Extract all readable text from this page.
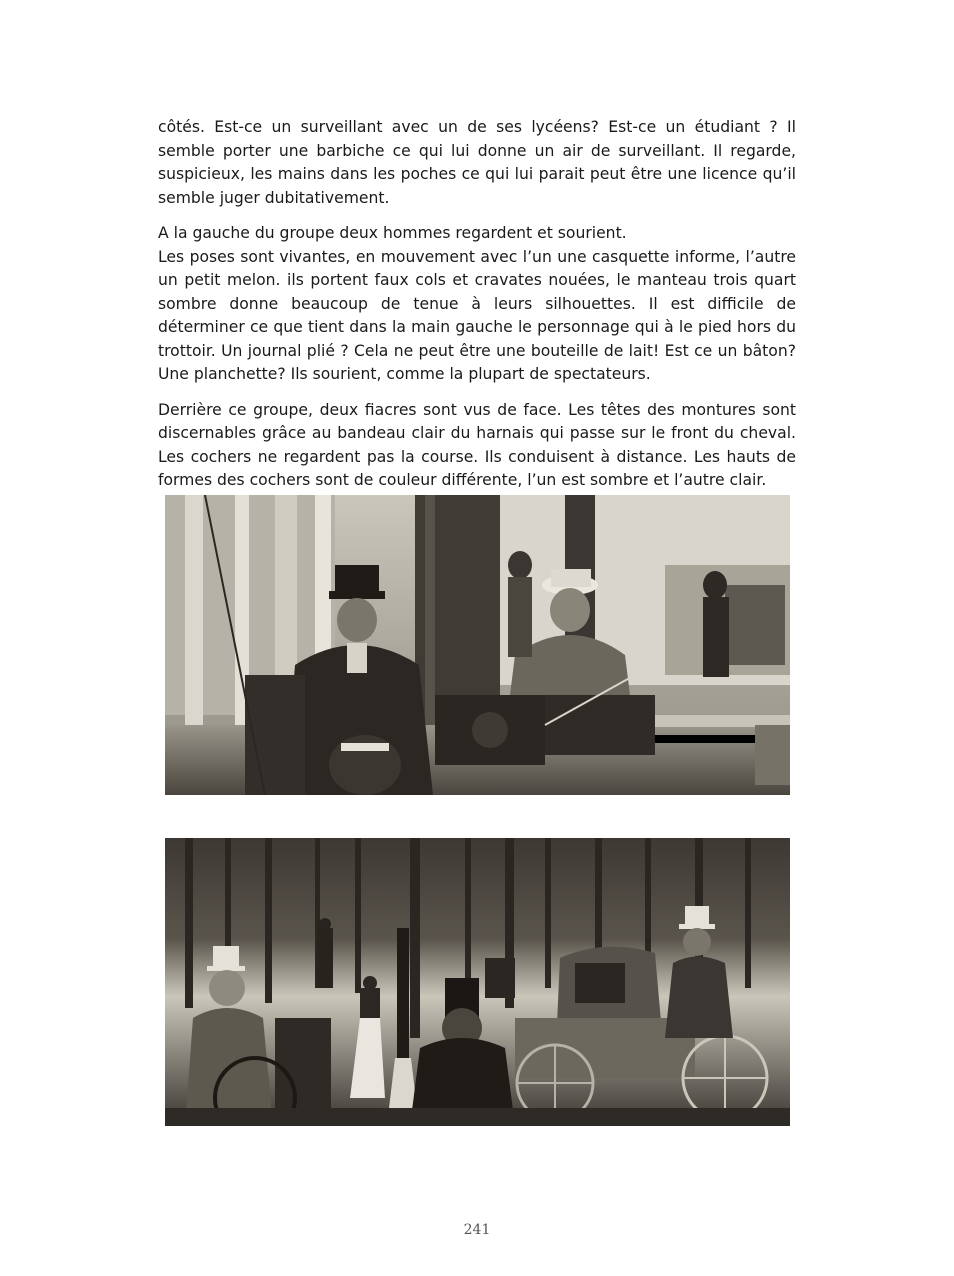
côtés. Est-ce un surveillant avec un de ses lycéens? Est-ce un étudiant ? Il semble porter une barbiche ce qui lui donne un air de surveillant. Il regarde, suspicieux, les mains dans les poches ce qui lui parait peut être une licence qu’il semble juger dubitativement.

A la gauche du groupe deux hommes regardent et sourient.

Les poses sont vivantes, en mouvement avec l’un une casquette informe, l’autre un petit melon. ils portent faux cols et cravates nouées, le manteau trois quart sombre donne beaucoup de tenue à leurs silhouettes. Il est difficile de déterminer ce que tient dans la main gauche le personnage qui à le pied hors du trottoir. Un journal plié ? Cela ne peut être une bouteille de lait! Est ce un bâton? Une planchette? Ils sourient, comme la plupart de spectateurs.

Derrière ce groupe, deux fiacres sont vus de face. Les têtes des montures sont discernables grâce au bandeau clair du harnais qui passe sur le front du cheval. Les cochers ne regardent pas la course. Ils conduisent à distance. Les hauts de formes des cochers sont de couleur différente, l’un est sombre et l’autre clair.

241
